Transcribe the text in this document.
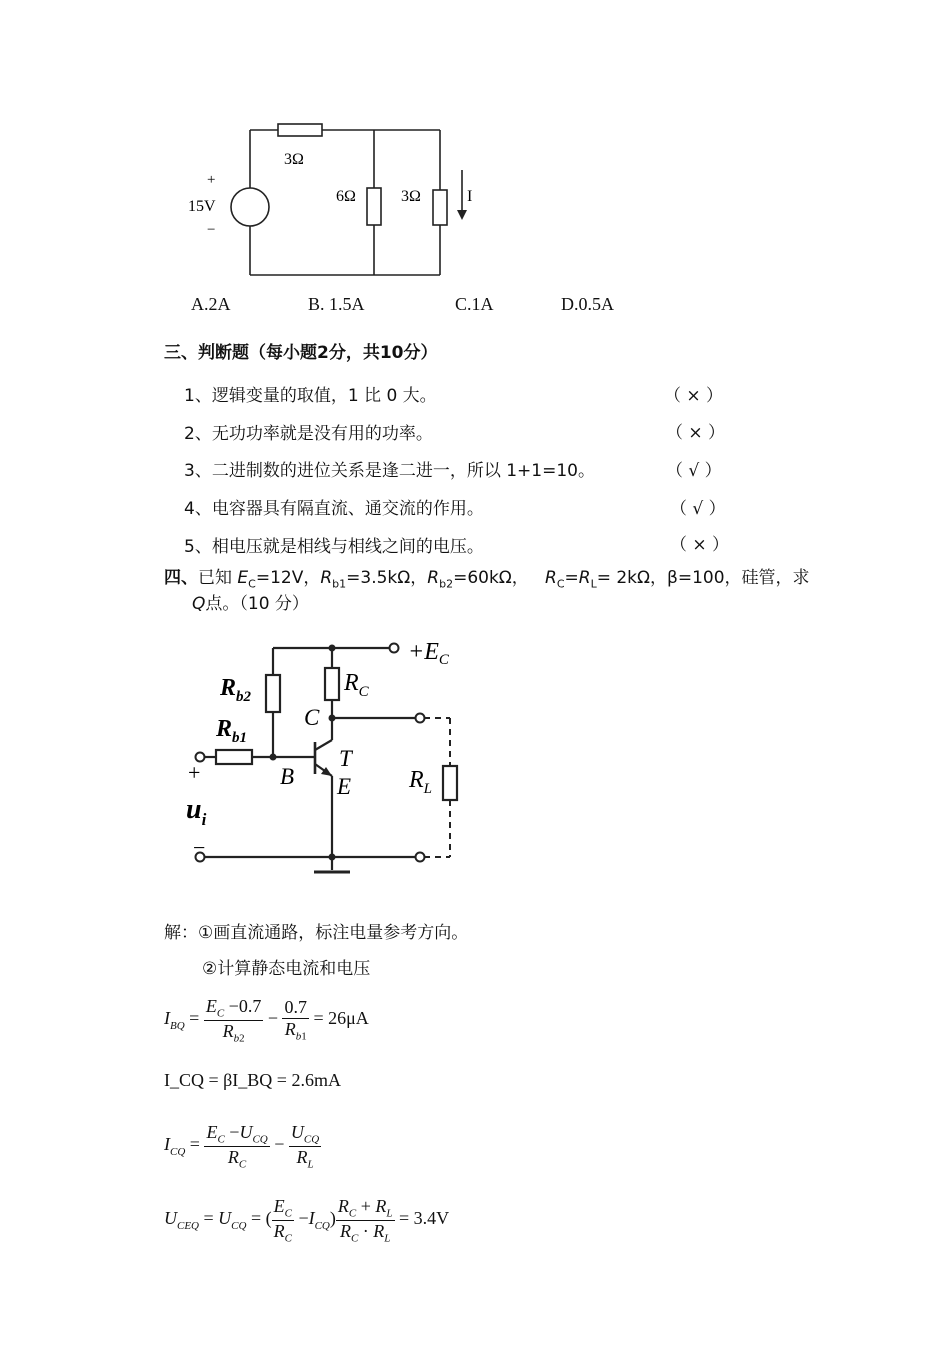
3Ω
+
15V
−
6Ω	3Ω	I
A.2A	B. 1.5A	C.1A	D.0.5A
三、判断题（每小题2分，共10分）
1、逻辑变量的取值，1 比 0 大。	（ × ）
2、无功功率就是没有用的功率。	（ × ）
3、二进制数的进位关系是逢二进一，所以 1+1=10。	（ √ ）
4、电容器具有隔直流、通交流的作用。	（ √ ）
5、相电压就是相线与相线之间的电压。	（ × ）
四、已知 $E_C=12V$，$R_{b1}=3.5k\Omega$，$R_{b2}=60k\Omega$， $R_C=R_L= 2k\Omega$，β=100，硅管，求
Q点。（10 分）
$+E_C$
$R_{b2}$
$R_C$
C
$R_{b1}$
T
B E $R_L$
+
$u_i$
−
解：①画直流通路，标注电量参考方向。
②计算静态电流和电压
$I_{BQ} = \frac{E_C -0.7}{R_{b2}} - \frac{0.7}{R_{b1}} = 26\mu A$
I_CQ = βI_BQ = 2.6mA
$I_{CQ} = \frac{E_C -U_{CQ}}{R_C} - \frac{U_{CQ}}{R_L}$
$U_{CEQ} = U_{CQ}$ = ( $\frac{E_C}{R_C} -I_{CQ}) \frac{R_C + R_L}{R_C \cdot R_L} = 3.4V$
